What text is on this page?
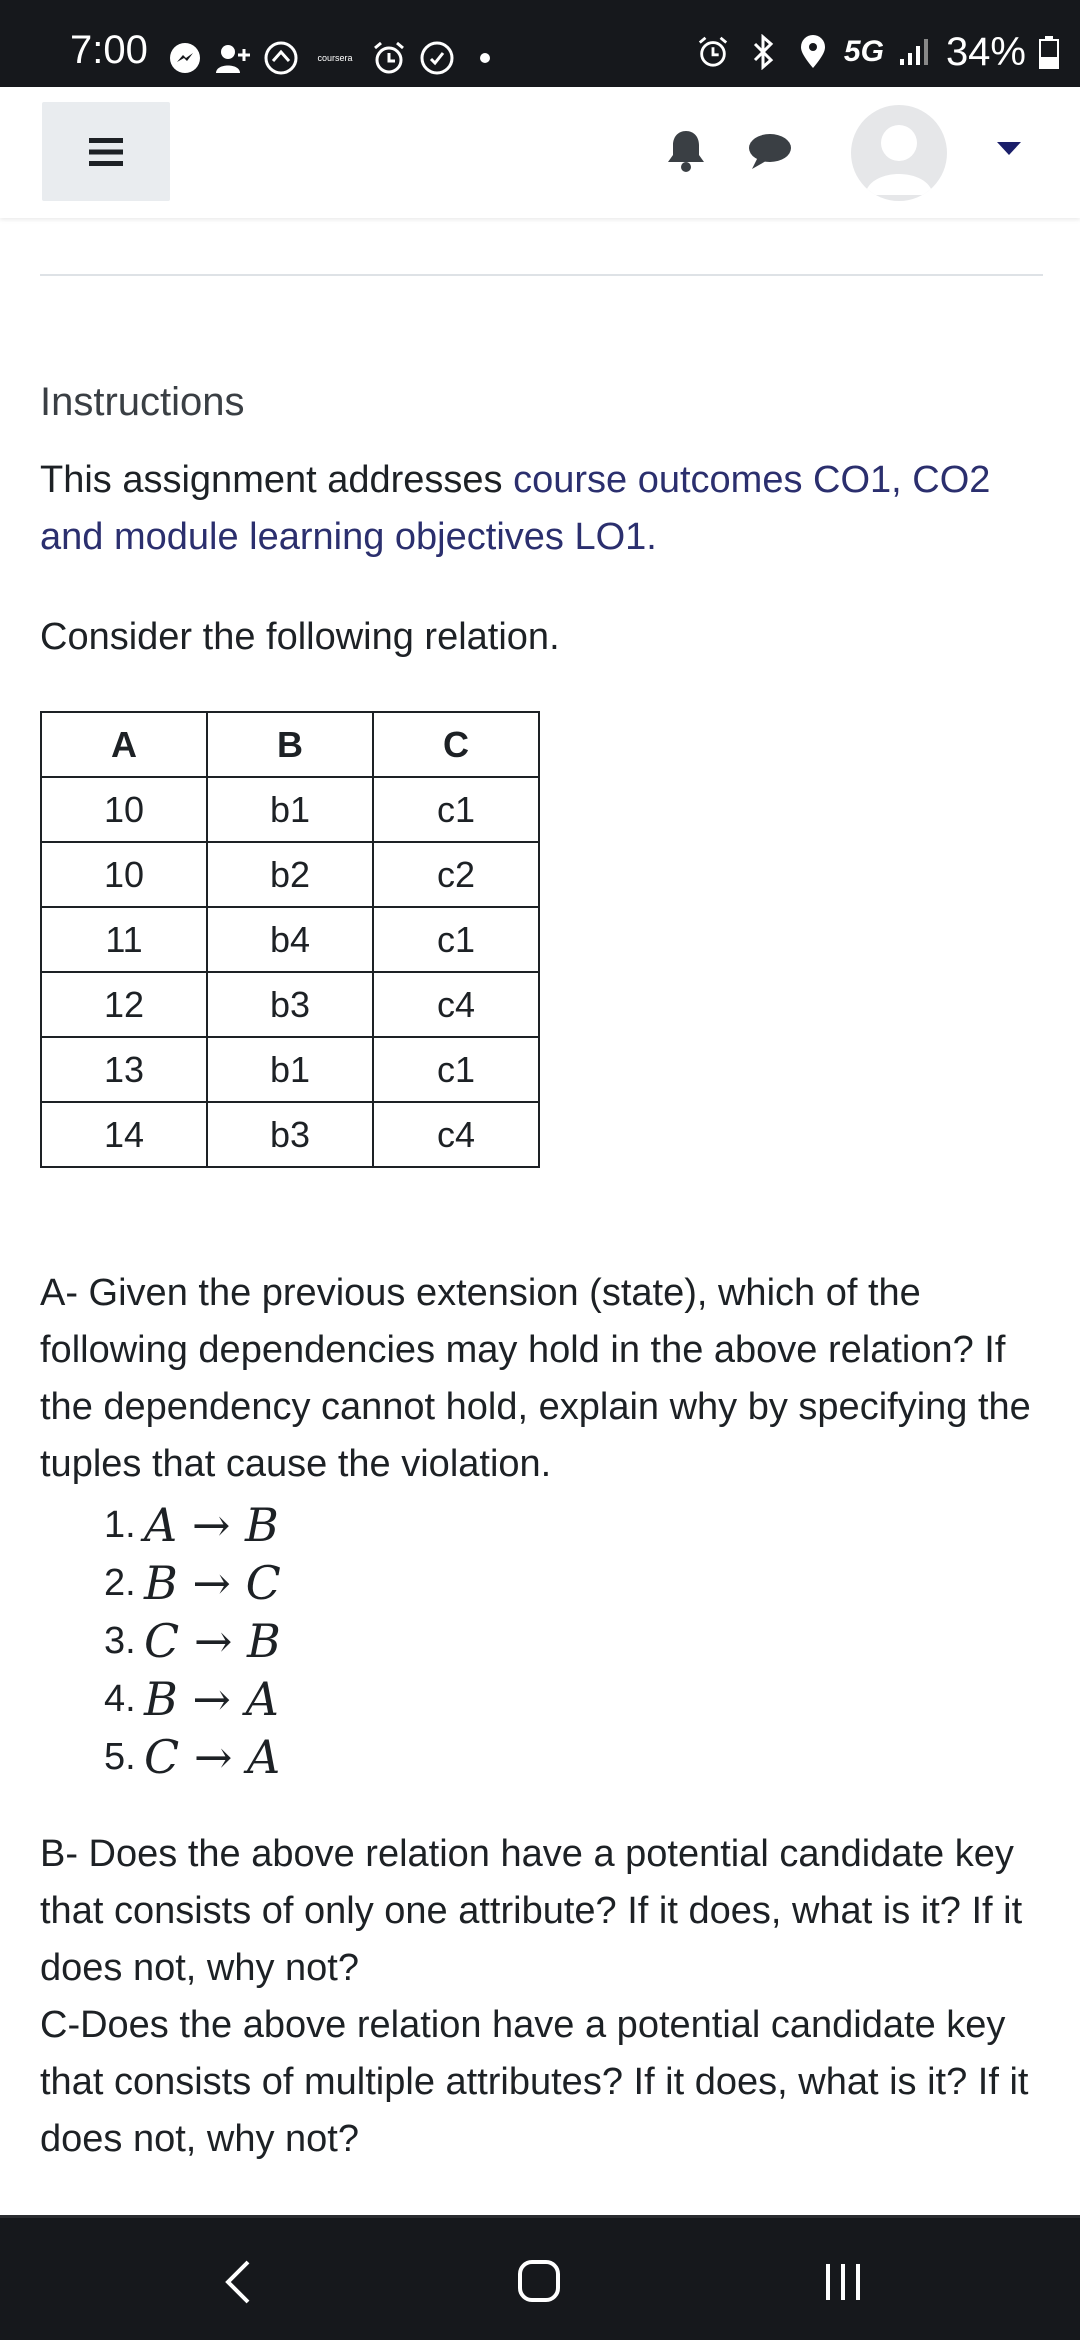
7:00	coursera	5G 34%
Instructions
This assignment addresses course outcomes CO1, CO2 and module learning objectives LO1.
Consider the following relation.
A	B	C
10	b1	c1
10	b2	c2
11	b4	c1
12	b3	c4
13	b1	c1
14	b3	c4
A- Given the previous extension (state), which of the following dependencies may hold in the above relation? If the dependency cannot hold, explain why by specifying the tuples that cause the violation.
1. A → B
2. B → C
3. C → B
4. B → A
5. C → A
B- Does the above relation have a potential candidate key that consists of only one attribute? If it does, what is it? If it does not, why not?
C-Does the above relation have a potential candidate key that consists of multiple attributes? If it does, what is it? If it does not, why not?
